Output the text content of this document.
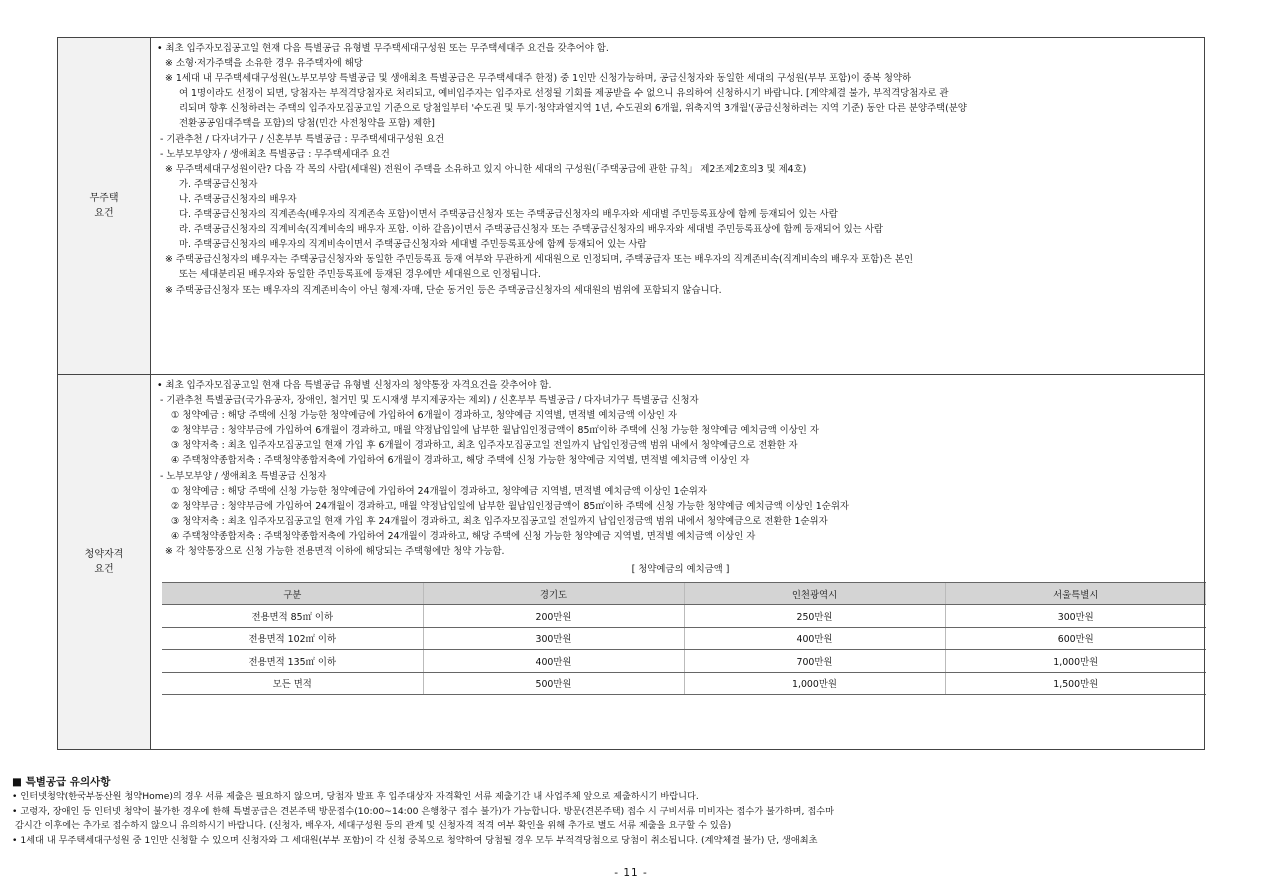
무주택
요건

• 최초 입주자모집공고일 현재 다음 특별공급 유형별 무주택세대구성원 또는 무주택세대주 요건을 갖추어야 함.
※ 소형·저가주택을 소유한 경우 유주택자에 해당
※ 1세대 내 무주택세대구성원(노부모부양 특별공급 및 생애최초 특별공급은 무주택세대주 한정) 중 1인만 신청가능하며, 공급신청자와 동일한 세대의 구성원(부부 포함)이 중복 청약하
여 1명이라도 선정이 되면, 당첨자는 부적격당첨자로 처리되고, 예비입주자는 입주자로 선정될 기회를 제공받을 수 없으니 유의하여 신청하시기 바랍니다. [계약체결 불가, 부적격당첨자로 관
리되며 향후 신청하려는 주택의 입주자모집공고일 기준으로 당첨일부터 '수도권 및 투기·청약과열지역 1년, 수도권외 6개월, 위축지역 3개월'(공급신청하려는 지역 기준) 동안 다른 분양주택(분양
전환공공임대주택을 포함)의 당첨(민간 사전청약을 포함) 제한]
- 기관추천 / 다자녀가구 / 신혼부부 특별공급 : 무주택세대구성원 요건
- 노부모부양자 / 생애최초 특별공급 : 무주택세대주 요건
※ 무주택세대구성원이란? 다음 각 목의 사람(세대원) 전원이 주택을 소유하고 있지 아니한 세대의 구성원(「주택공급에 관한 규칙」 제2조제2호의3 및 제4호)
가. 주택공급신청자
나. 주택공급신청자의 배우자
다. 주택공급신청자의 직계존속(배우자의 직계존속 포함)이면서 주택공급신청자 또는 주택공급신청자의 배우자와 세대별 주민등록표상에 함께 등재되어 있는 사람
라. 주택공급신청자의 직계비속(직계비속의 배우자 포함. 이하 같음)이면서 주택공급신청자 또는 주택공급신청자의 배우자와 세대별 주민등록표상에 함께 등재되어 있는 사람
마. 주택공급신청자의 배우자의 직계비속이면서 주택공급신청자와 세대별 주민등록표상에 함께 등재되어 있는 사람
※ 주택공급신청자의 배우자는 주택공급신청자와 동일한 주민등록표 등재 여부와 무관하게 세대원으로 인정되며, 주택공급자 또는 배우자의 직계존비속(직계비속의 배우자 포함)은 본인
또는 세대분리된 배우자와 동일한 주민등록표에 등재된 경우에만 세대원으로 인정됩니다.
※ 주택공급신청자 또는 배우자의 직계존비속이 아닌 형제·자매, 단순 동거인 등은 주택공급신청자의 세대원의 범위에 포함되지 않습니다.

청약자격
요건

• 최초 입주자모집공고일 현재 다음 특별공급 유형별 신청자의 청약통장 자격요건을 갖추어야 함.
- 기관추천 특별공급(국가유공자, 장애인, 철거민 및 도시재생 부지제공자는 제외) / 신혼부부 특별공급 / 다자녀가구 특별공급 신청자
① 청약예금 : 해당 주택에 신청 가능한 청약예금에 가입하여 6개월이 경과하고, 청약예금 지역별, 면적별 예치금액 이상인 자
② 청약부금 : 청약부금에 가입하여 6개월이 경과하고, 매월 약정납입일에 납부한 월납입인정금액이 85㎡이하 주택에 신청 가능한 청약예금 예치금액 이상인 자
③ 청약저축 : 최초 입주자모집공고일 현재 가입 후 6개월이 경과하고, 최초 입주자모집공고일 전일까지 납입인정금액 범위 내에서 청약예금으로 전환한 자
④ 주택청약종합저축 : 주택청약종합저축에 가입하여 6개월이 경과하고, 해당 주택에 신청 가능한 청약예금 지역별, 면적별 예치금액 이상인 자
- 노부모부양 / 생애최초 특별공급 신청자
① 청약예금 : 해당 주택에 신청 가능한 청약예금에 가입하여 24개월이 경과하고, 청약예금 지역별, 면적별 예치금액 이상인 1순위자
② 청약부금 : 청약부금에 가입하여 24개월이 경과하고, 매월 약정납입일에 납부한 월납입인정금액이 85㎡이하 주택에 신청 가능한 청약예금 예치금액 이상인 1순위자
③ 청약저축 : 최초 입주자모집공고일 현재 가입 후 24개월이 경과하고, 최초 입주자모집공고일 전일까지 납입인정금액 범위 내에서 청약예금으로 전환한 1순위자
④ 주택청약종합저축 : 주택청약종합저축에 가입하여 24개월이 경과하고, 해당 주택에 신청 가능한 청약예금 지역별, 면적별 예치금액 이상인 자
※ 각 청약통장으로 신청 가능한 전용면적 이하에 해당되는 주택형에만 청약 가능함.
[ 청약예금의 예치금액 ]
구분	경기도	인천광역시	서울특별시
전용면적 85㎡ 이하	200만원	250만원	300만원
전용면적 102㎡ 이하	300만원	400만원	600만원
전용면적 135㎡ 이하	400만원	700만원	1,000만원
모든 면적	500만원	1,000만원	1,500만원
■ 특별공급 유의사항
• 인터넷청약(한국부동산원 청약Home)의 경우 서류 제출은 필요하지 않으며, 당첨자 발표 후 입주대상자 자격확인 서류 제출기간 내 사업주체 앞으로 제출하시기 바랍니다.
• 고령자, 장애인 등 인터넷 청약이 불가한 경우에 한해 특별공급은 견본주택 방문접수(10:00~14:00 은행창구 접수 불가)가 가능합니다. 방문(견본주택) 접수 시 구비서류 미비자는 접수가 불가하며, 접수마
감시간 이후에는 추가로 접수하지 않으니 유의하시기 바랍니다. (신청자, 배우자, 세대구성원 등의 관계 및 신청자격 적격 여부 확인을 위해 추가로 별도 서류 제출을 요구할 수 있음)
• 1세대 내 무주택세대구성원 중 1인만 신청할 수 있으며 신청자와 그 세대원(부부 포함)이 각 신청 중복으로 청약하여 당첨될 경우 모두 부적격당첨으로 당첨이 취소됩니다. (계약체결 불가) 단, 생애최초
- 11 -
